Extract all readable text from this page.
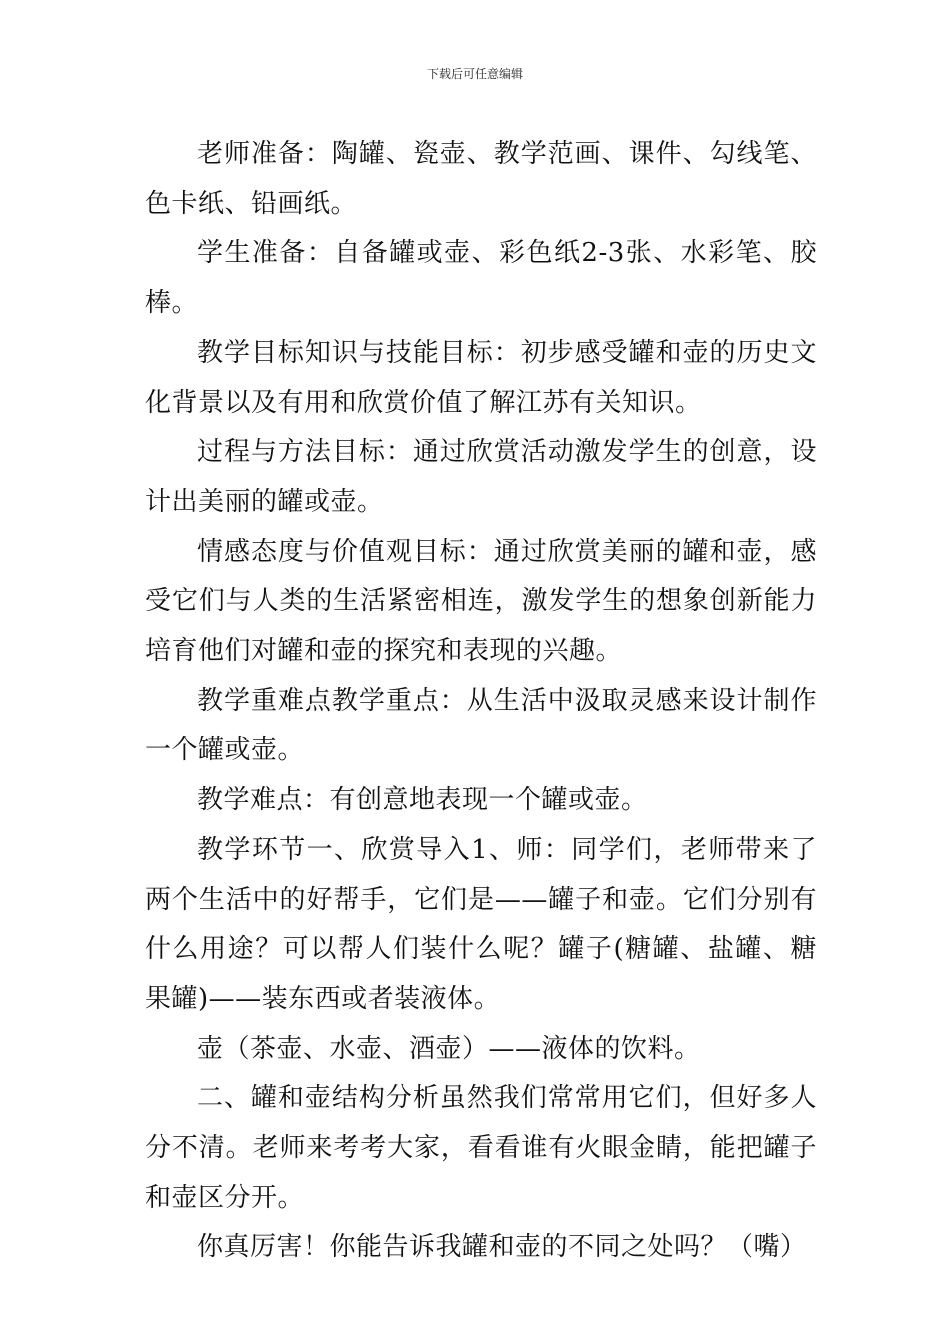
下载后可任意编辑

老师准备：陶罐、瓷壶、教学范画、课件、勾线笔、色卡纸、铅画纸。

学生准备：自备罐或壶、彩色纸2-3张、水彩笔、胶棒。

教学目标知识与技能目标：初步感受罐和壶的历史文化背景以及有用和欣赏价值了解江苏有关知识。

过程与方法目标：通过欣赏活动激发学生的创意，设计出美丽的罐或壶。

情感态度与价值观目标：通过欣赏美丽的罐和壶，感受它们与人类的生活紧密相连，激发学生的想象创新能力培育他们对罐和壶的探究和表现的兴趣。

教学重难点教学重点：从生活中汲取灵感来设计制作一个罐或壶。

教学难点：有创意地表现一个罐或壶。

教学环节一、欣赏导入1、师：同学们，老师带来了两个生活中的好帮手，它们是——罐子和壶。它们分别有什么用途？可以帮人们装什么呢？罐子(糖罐、盐罐、糖果罐)——装东西或者装液体。

壶（茶壶、水壶、酒壶）——液体的饮料。

二、罐和壶结构分析虽然我们常常用它们，但好多人分不清。老师来考考大家，看看谁有火眼金睛，能把罐子和壶区分开。

你真厉害！你能告诉我罐和壶的不同之处吗？（嘴）
